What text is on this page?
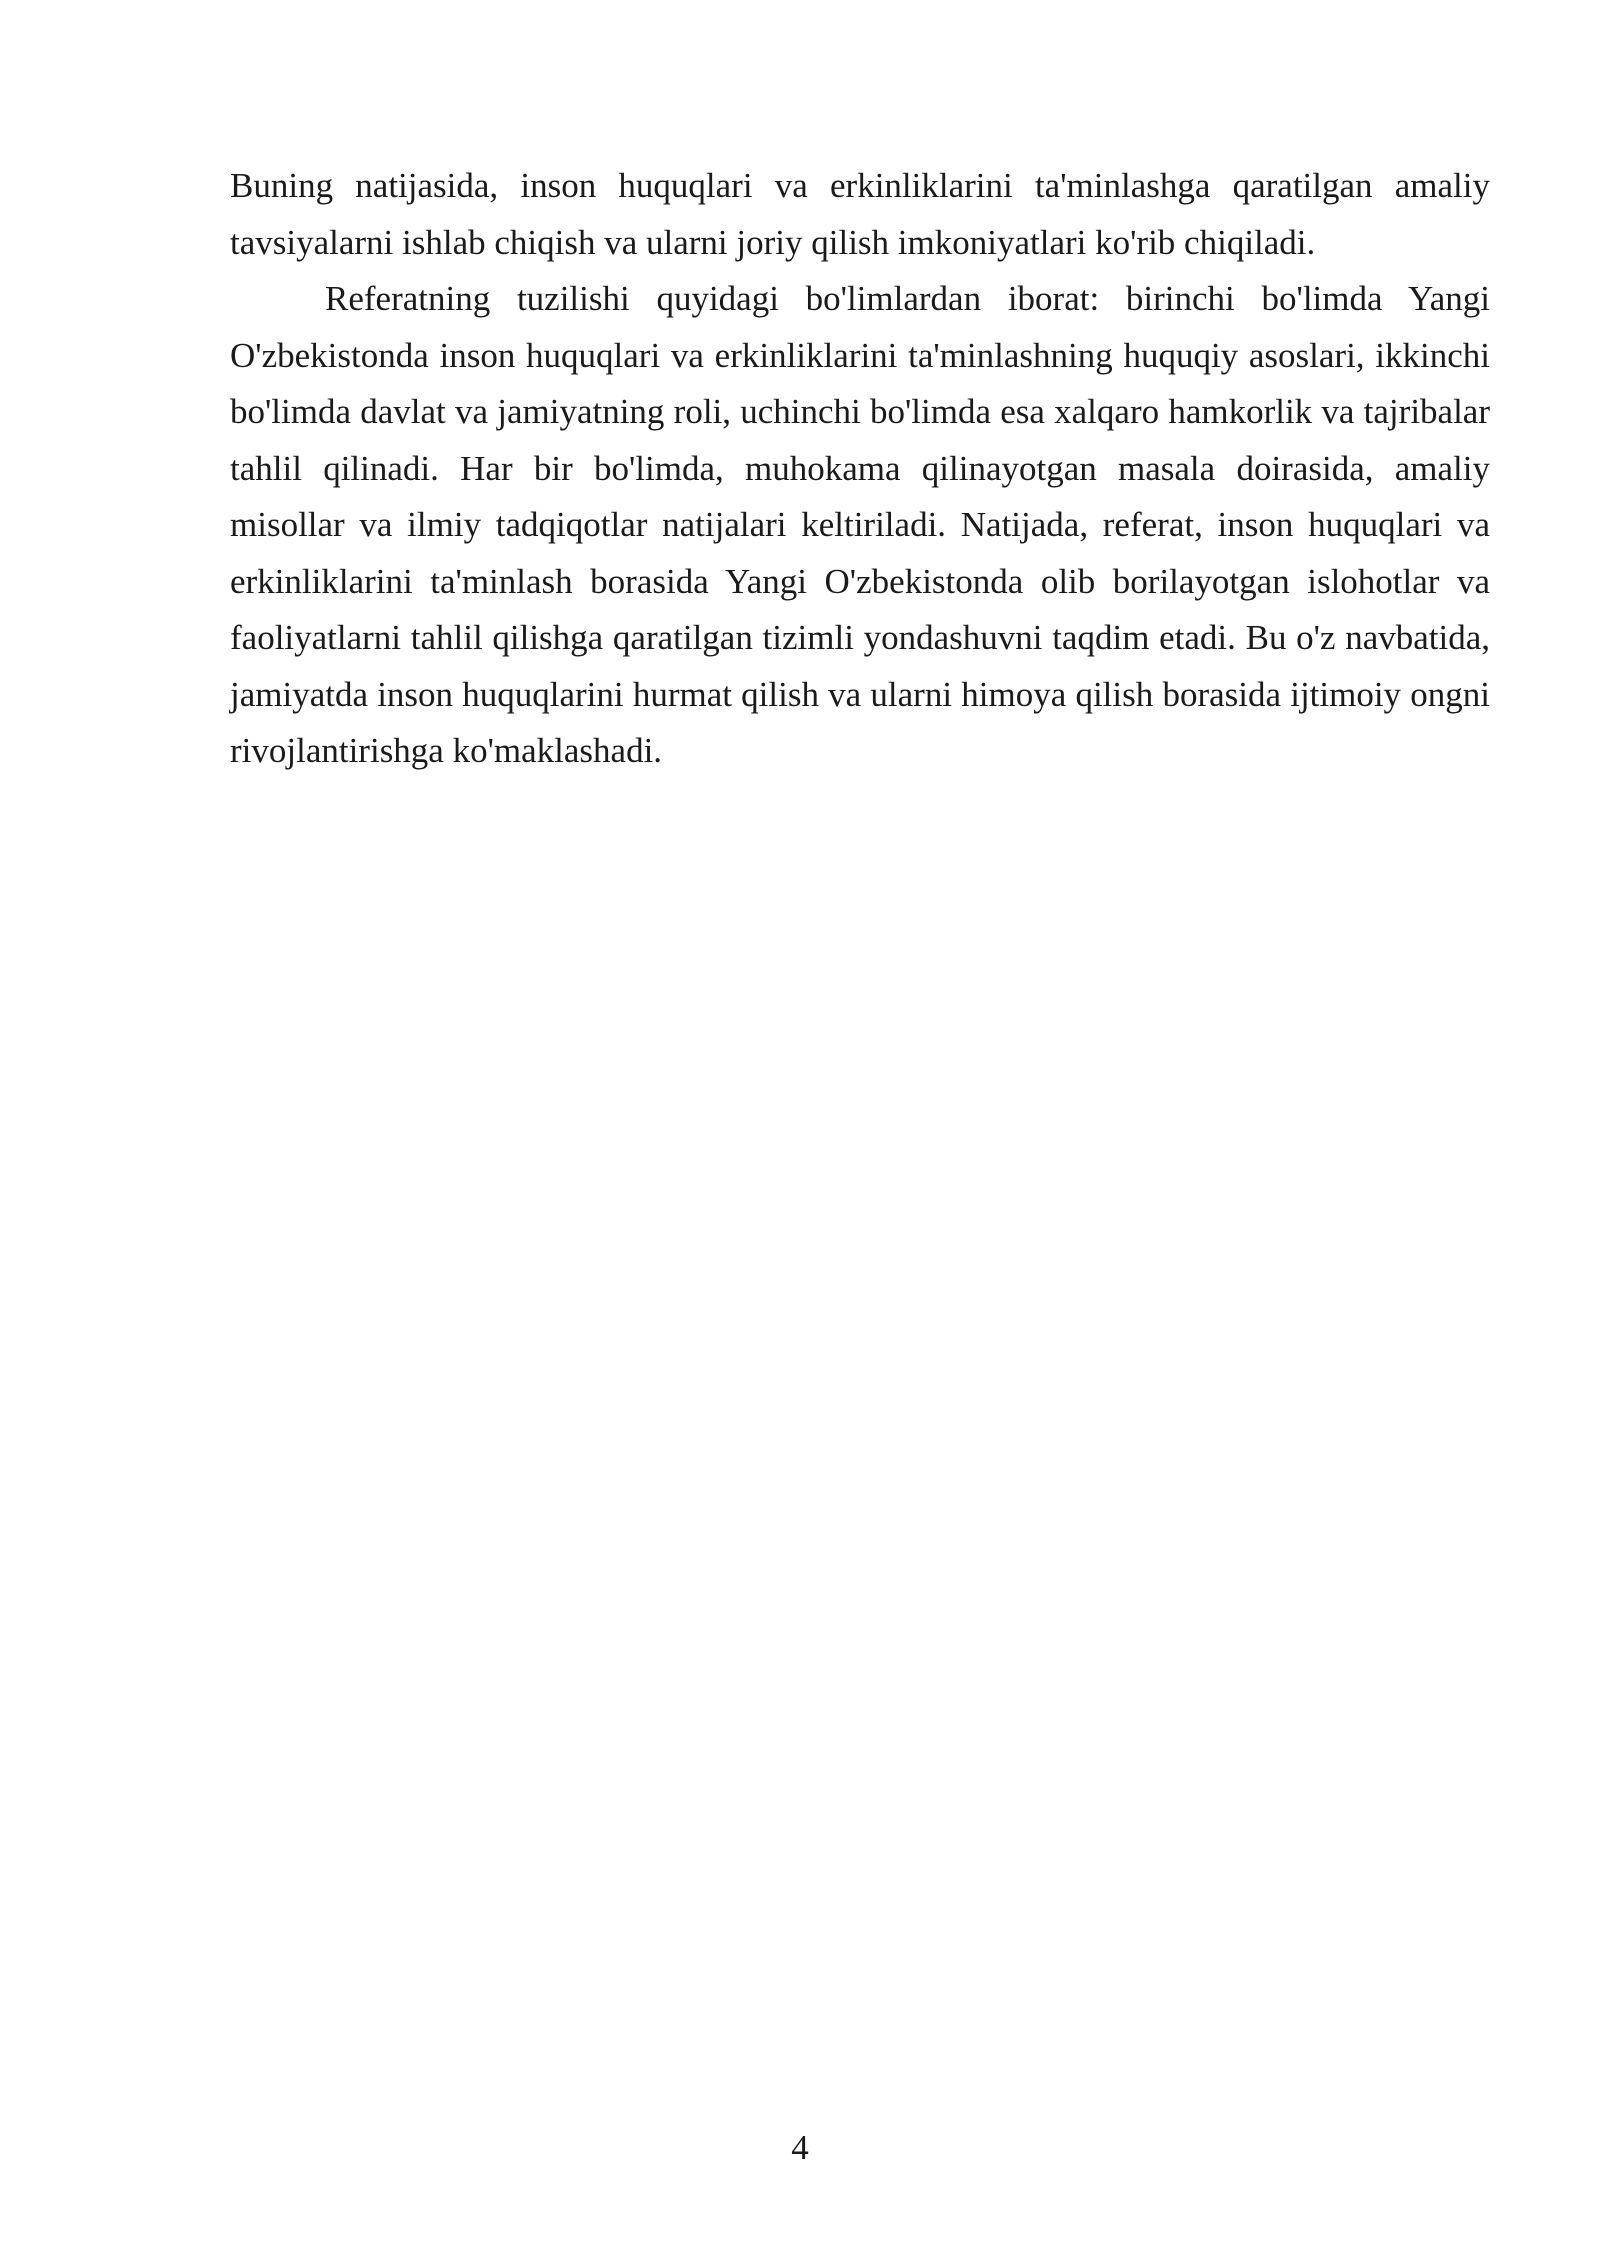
Buning natijasida, inson huquqlari va erkinliklarini ta'minlashga qaratilgan amaliy tavsiyalarni ishlab chiqish va ularni joriy qilish imkoniyatlari ko'rib chiqiladi.

Referatning tuzilishi quyidagi bo'limlardan iborat: birinchi bo'limda Yangi O'zbekistonda inson huquqlari va erkinliklarini ta'minlashning huquqiy asoslari, ikkinchi bo'limda davlat va jamiyatning roli, uchinchi bo'limda esa xalqaro hamkorlik va tajribalar tahlil qilinadi. Har bir bo'limda, muhokama qilinayotgan masala doirasida, amaliy misollar va ilmiy tadqiqotlar natijalari keltiriladi. Natijada, referat, inson huquqlari va erkinliklarini ta'minlash borasida Yangi O'zbekistonda olib borilayotgan islohotlar va faoliyatlarni tahlil qilishga qaratilgan tizimli yondashuvni taqdim etadi. Bu o'z navbatida, jamiyatda inson huquqlarini hurmat qilish va ularni himoya qilish borasida ijtimoiy ongni rivojlantirishga ko'maklashadi.

4
